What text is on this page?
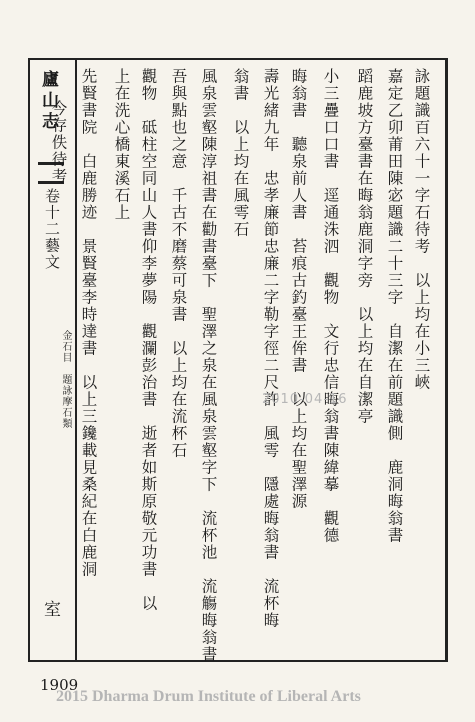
廬山志
卷十二藝文
金石目　題詠摩石類
室
詠題識百六十一字石待考　以上均在小三峽
嘉定乙卯莆田陳宓題識二十三字　自潔在前題識側　鹿洞晦翁書
蹈鹿坡方臺書在晦翁鹿洞字旁　以上均在自潔亭
小三疊口口書　逕通洙泗　觀物　文行忠信晦翁書陳緯摹　觀德
晦翁書　聽泉前人書　苔痕古釣臺王侔書　以上均在聖澤源
壽光緒九年　忠孝廉節忠廉二字勒字徑二尺許　風雩　隱處晦翁書　流杯晦
翁書　以上均在風雩石
風泉雲壑陳淳祖書在勸書臺下　聖澤之泉在風泉雲壑字下　流杯池　流觴晦翁書
吾與點也之意　千古不磨蔡可泉書　以上均在流杯石
觀物　砥柱空同山人書仰李夢陽　觀瀾彭治書　逝者如斯原敬元功書　以
上在洗心橋東溪石上
先賢書院　白鹿勝迹　景賢臺李時達書　以上三鑱載見桑紀在白鹿洞
今存佚待考
2010-04-16
1909
2015 Dharma Drum Institute of Liberal Arts
